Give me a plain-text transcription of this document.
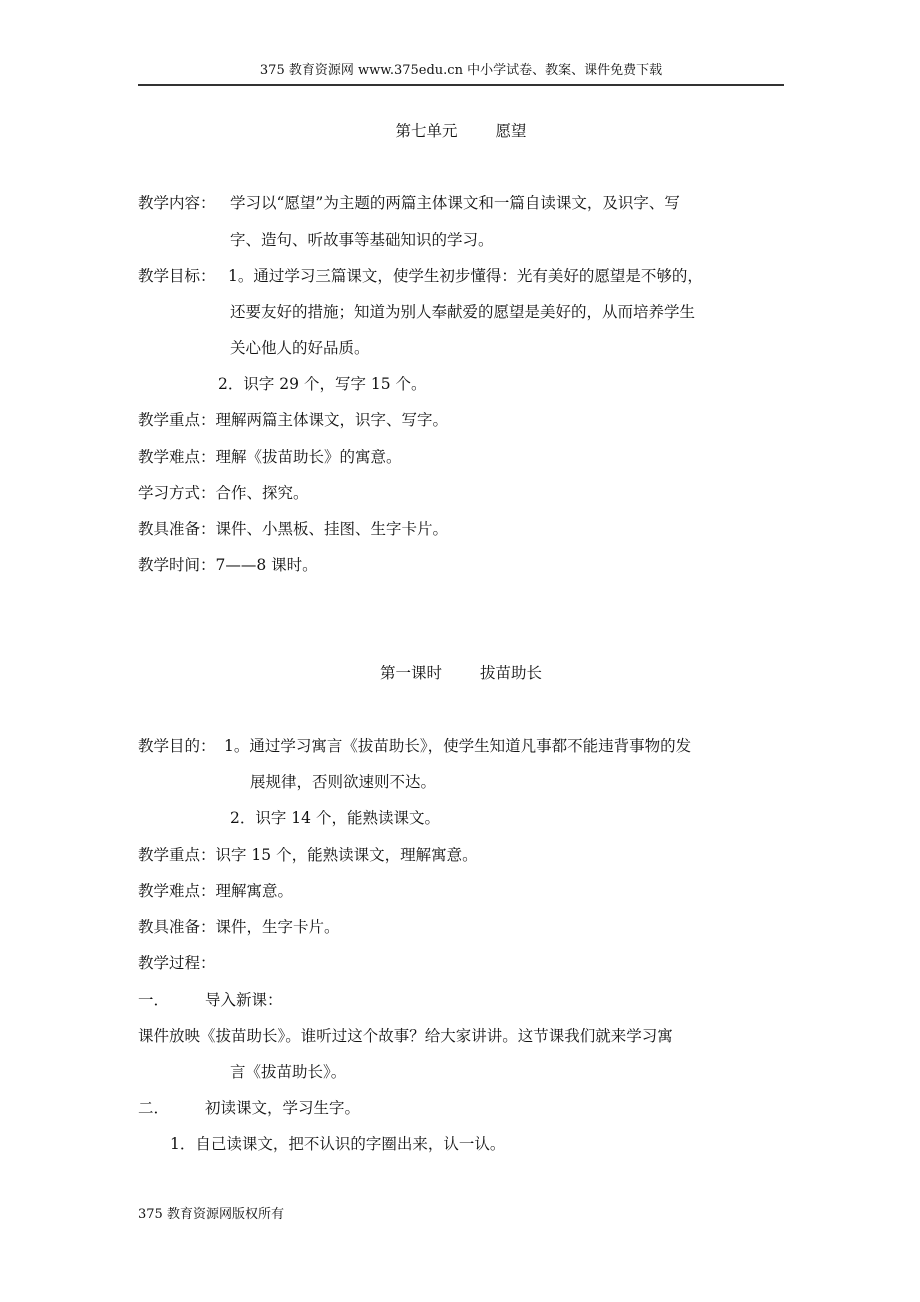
375 教育资源网 www.375edu.cn 中小学试卷、教案、课件免费下载
第七单元 愿望
教学内容： 学习以“愿望”为主题的两篇主体课文和一篇自读课文，及识字、写
字、造句、听故事等基础知识的学习。
教学目标： 1。通过学习三篇课文，使学生初步懂得：光有美好的愿望是不够的，
还要友好的措施；知道为别人奉献爱的愿望是美好的，从而培养学生
关心他人的好品质。
2．识字 29 个，写字 15 个。
教学重点：理解两篇主体课文，识字、写字。
教学难点：理解《拔苗助长》的寓意。
学习方式：合作、探究。
教具准备：课件、小黑板、挂图、生字卡片。
教学时间：7——8 课时。
第一课时 拔苗助长
教学目的： 1。通过学习寓言《拔苗助长》，使学生知道凡事都不能违背事物的发
展规律，否则欲速则不达。
2．识字 14 个，能熟读课文。
教学重点：识字 15 个，能熟读课文，理解寓意。
教学难点：理解寓意。
教具准备：课件，生字卡片。
教学过程：
一． 导入新课：
课件放映《拔苗助长》。谁听过这个故事？给大家讲讲。这节课我们就来学习寓
言《拔苗助长》。
二． 初读课文，学习生字。
1．自己读课文，把不认识的字圈出来，认一认。
375 教育资源网版权所有
